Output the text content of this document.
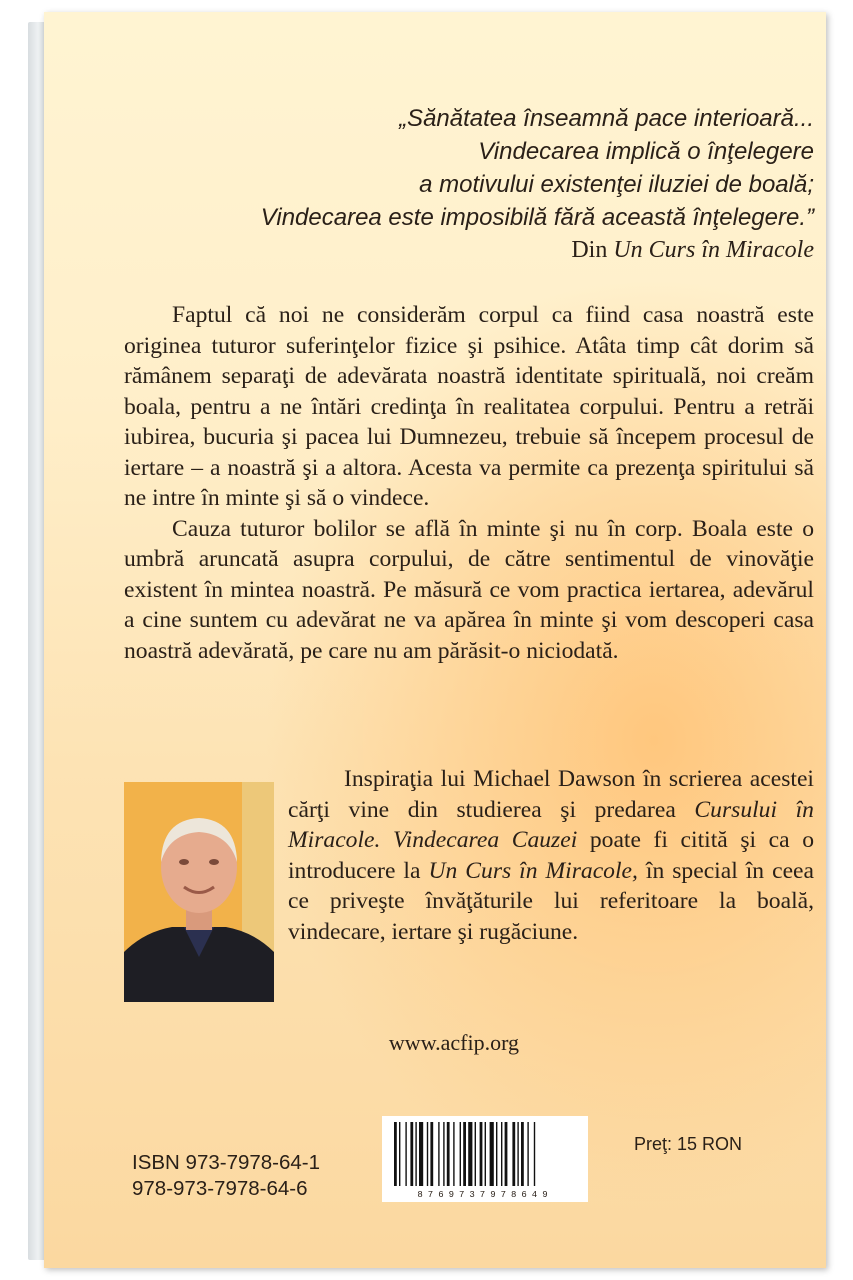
„Sănătatea înseamnă pace interioară...
Vindecarea implică o înţelegere
a motivului existenţei iluziei de boală;
Vindecarea este imposibilă fără această înţelegere.”
Din Un Curs în Miracole

Faptul că noi ne considerăm corpul ca fiind casa noastră este originea tuturor suferinţelor fizice şi psihice. Atâta timp cât dorim să rămânem separaţi de adevărata noastră identitate spirituală, noi creăm boala, pentru a ne întări credinţa în realitatea corpului. Pentru a retrăi iubirea, bucuria şi pacea lui Dumnezeu, trebuie să începem procesul de iertare – a noastră şi a altora. Acesta va permite ca prezenţa spiritului să ne intre în minte şi să o vindece.

Cauza tuturor bolilor se află în minte şi nu în corp. Boala este o umbră aruncată asupra corpului, de către sentimentul de vinovăţie existent în mintea noastră. Pe măsură ce vom practica iertarea, adevărul a cine suntem cu adevărat ne va apărea în minte şi vom descoperi casa noastră adevărată, pe care nu am părăsit-o niciodată.

Inspiraţia lui Michael Dawson în scrierea acestei cărţi vine din studierea şi predarea Cursului în Miracole. Vindecarea Cauzei poate fi citită şi ca o introducere la Un Curs în Miracole, în special în ceea ce priveşte învăţăturile lui referitoare la boală, vindecare, iertare şi rugăciune.

www.acfip.org
8769737978649
ISBN 973-7978-64-1
978-973-7978-64-6
Preţ: 15 RON
